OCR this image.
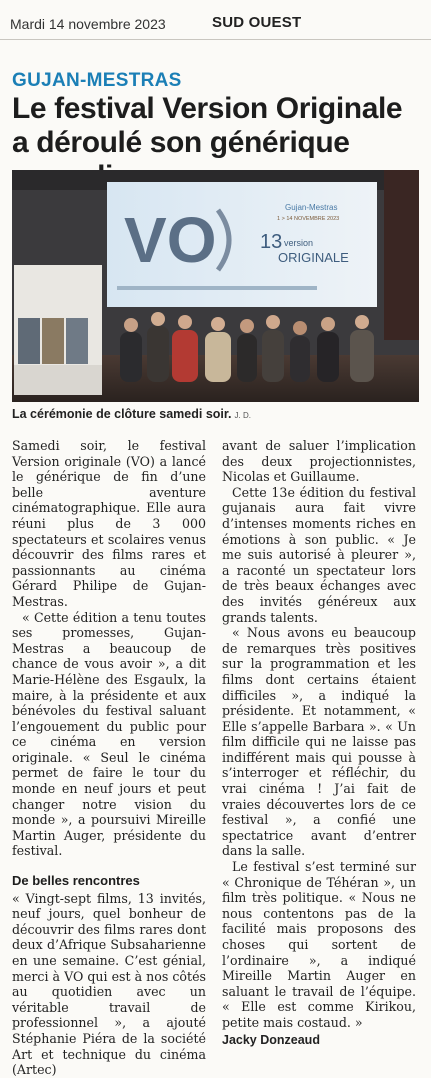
Mardi 14 novembre 2023	SUD OUEST
GUJAN-MESTRAS
Le festival Version Originale a déroulé son générique
VO	Gujan-Mestras
1 > 14 NOVEMBRE 2023
13 version
ORIGINALE
La cérémonie de clôture samedi soir. J. D.

Samedi soir, le festival Version originale (VO) a lancé le générique de fin d’une belle aventure cinématographique. Elle aura réuni plus de 3 000 spectateurs et scolaires venus découvrir des films rares et passionnants au cinéma Gérard Philipe de Gujan-Mestras.

« Cette édition a tenu toutes ses promesses, Gujan-Mestras a beaucoup de chance de vous avoir », a dit Marie-Hélène des Esgaulx, la maire, à la présidente et aux bénévoles du festival saluant l’engouement du public pour ce cinéma en version originale. « Seul le cinéma permet de faire le tour du monde en neuf jours et peut changer notre vision du monde », a poursuivi Mireille Martin Auger, présidente du festival.

De belles rencontres

« Vingt-sept films, 13 invités, neuf jours, quel bonheur de découvrir des films rares dont deux d’Afrique Subsaharienne en une semaine. C’est génial, merci à VO qui est à nos côtés au quotidien avec un véritable travail de professionnel », a ajouté Stéphanie Piéra de la société Art et technique du cinéma (Artec)

avant de saluer l’implication des deux projectionnistes, Nicolas et Guillaume.

Cette 13e édition du festival gujanais aura fait vivre d’intenses moments riches en émotions à son public. « Je me suis autorisé à pleurer », a raconté un spectateur lors de très beaux échanges avec des invités généreux aux grands talents.

« Nous avons eu beaucoup de remarques très positives sur la programmation et les films dont certains étaient difficiles », a indiqué la présidente. Et notamment, « Elle s’appelle Barbara ». « Un film difficile qui ne laisse pas indifférent mais qui pousse à s’interroger et réfléchir, du vrai cinéma ! J’ai fait de vraies découvertes lors de ce festival », a confié une spectatrice avant d’entrer dans la salle.

Le festival s’est terminé sur « Chronique de Téhéran », un film très politique. « Nous ne nous contentons pas de la facilité mais proposons des choses qui sortent de l’ordinaire », a indiqué Mireille Martin Auger en saluant le travail de l’équipe. « Elle est comme Kirikou, petite mais costaud. »

Jacky Donzeaud
